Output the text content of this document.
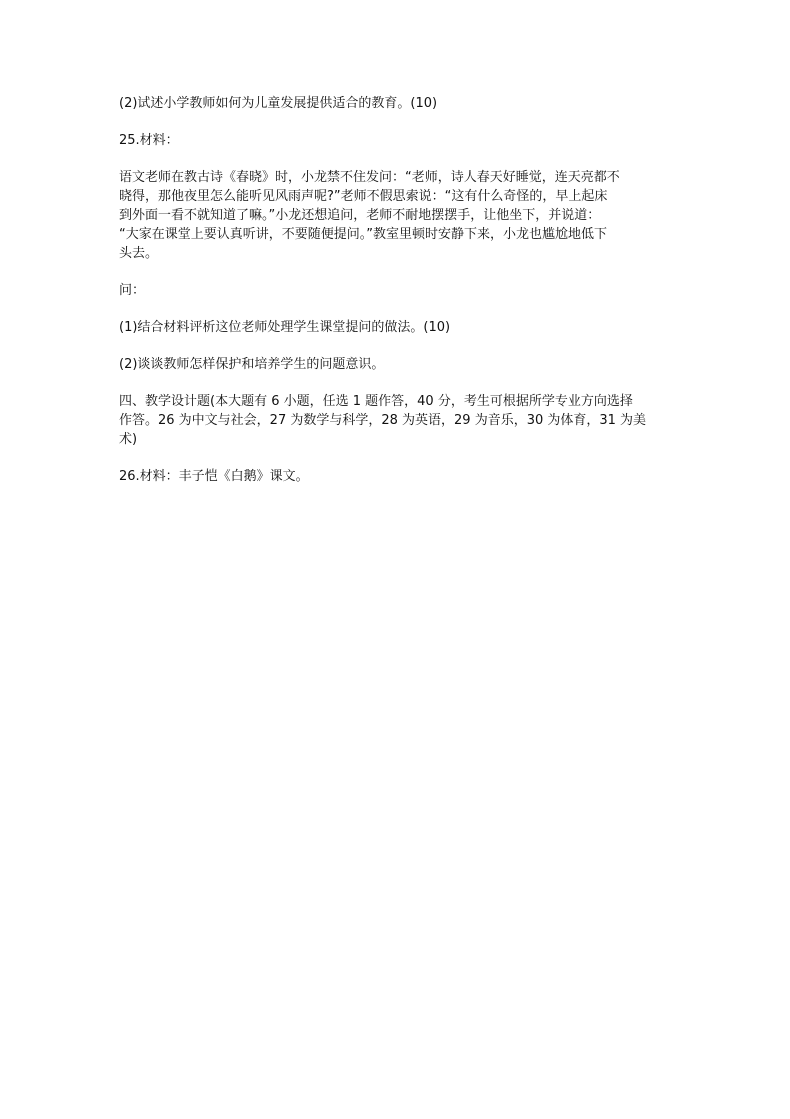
(2)试述小学教师如何为儿童发展提供适合的教育。(10)

25.材料：

语文老师在教古诗《春晓》时，小龙禁不住发问：“老师，诗人春天好睡觉，连天亮都不
晓得，那他夜里怎么能听见风雨声呢?”老师不假思索说：“这有什么奇怪的，早上起床
到外面一看不就知道了嘛。”小龙还想追问，老师不耐地摆摆手，让他坐下，并说道：
“大家在课堂上要认真听讲，不要随便提问。”教室里顿时安静下来，小龙也尴尬地低下
头去。

问：

(1)结合材料评析这位老师处理学生课堂提问的做法。(10)

(2)谈谈教师怎样保护和培养学生的问题意识。

四、教学设计题(本大题有 6 小题，任选 1 题作答，40 分，考生可根据所学专业方向选择
作答。26 为中文与社会，27 为数学与科学，28 为英语，29 为音乐，30 为体育，31 为美
术)

26.材料：丰子恺《白鹅》课文。
